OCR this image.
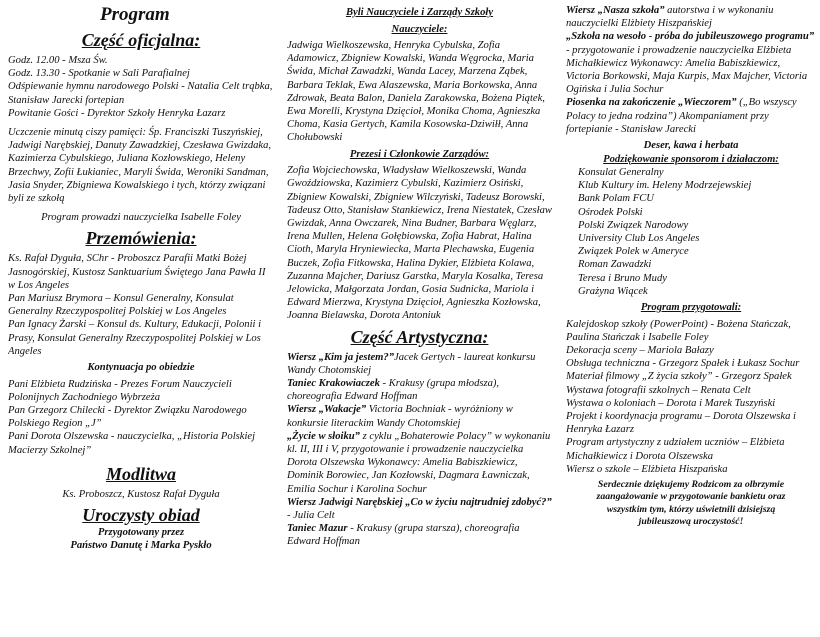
Program
Część oficjalna:

Godz. 12.00 - Msza Św.

Godz. 13.30 - Spotkanie w Sali Parafialnej

Odśpiewanie hymnu narodowego Polski - Natalia Celt trąbka, Stanisław Jarecki fortepian

Powitanie Gości - Dyrektor Szkoły Henryka Łazarz

Uczczenie minutą ciszy pamięci: Śp. Franciszki Tuszyńskiej, Jadwigi Narębskiej, Danuty Zawadzkiej, Czesława Gwizdaka, Kazimierza Cybulskiego, Juliana Kozłowskiego, Heleny Brzechwy, Zofii Łukianiec, Maryli Świda, Weroniki Sandman, Jasia Snyder, Zbigniewa Kowalskiego i tych, którzy związani byli ze szkołą

Program prowadzi nauczycielka Isabelle Foley

Przemówienia:

Ks. Rafał Dyguła, SChr - Proboszcz Parafii Matki Bożej Jasnogórskiej, Kustosz Sanktuarium Świętego Jana Pawła II w Los Angeles

Pan Mariusz Brymora – Konsul Generalny, Konsulat Generalny Rzeczypospolitej Polskiej w Los Angeles

Pan Ignacy Żarski – Konsul ds. Kultury, Edukacji, Polonii i Prasy, Konsulat Generalny Rzeczypospolitej Polskiej w Los Angeles

Kontynuacja po obiedzie

Pani Elżbieta Rudzińska - Prezes Forum Nauczycieli Polonijnych Zachodniego Wybrzeża

Pan Grzegorz Chilecki - Dyrektor Związku Narodowego Polskiego Region „J”

Pani Dorota Olszewska - nauczycielka, „Historia Polskiej Macierzy Szkolnej”

Modlitwa

Ks. Proboszcz, Kustosz Rafał Dyguła

Uroczysty obiad
Przygotowany przez
Państwo Danutę i Marka Pyskło
Byli Nauczyciele i Zarządy Szkoły
Nauczyciele:

Jadwiga Wielkoszewska, Henryka Cybulska, Zofia Adamowicz, Zbigniew Kowalski, Wanda Węgrocka, Maria Świda, Michał Zawadzki, Wanda Lacey, Marzena Ząbek, Barbara Teklak, Ewa Alaszewska, Maria Borkowska, Anna Zdrowak, Beata Balon, Daniela Zarakowska, Bożena Piątek, Ewa Morelli, Krystyna Dzięcioł, Monika Choma, Agnieszka Choma, Kasia Gertych, Kamila Kosowska-Dziwiłł, Anna Chołubowski

Prezesi i Członkowie Zarządów:

Zofia Wojciechowska, Władysław Wielkoszewski, Wanda Gwoździowska, Kazimierz Cybulski, Kazimierz Osiński, Zbigniew Kowalski, Zbigniew Wilczyński, Tadeusz Borowski, Tadeusz Otto, Stanisław Stankiewicz, Irena Niestatek, Czesław Gwizdak, Anna Owczarek, Nina Budner, Barbara Węglarz, Irena Mullen, Helena Gołębiowska, Zofia Habrat, Halina Cioth, Maryla Hryniewiecka, Marta Plechawska, Eugenia Buczek, Zofia Fitkowska, Halina Dykier, Elżbieta Kolawa, Zuzanna Majcher, Dariusz Garstka, Maryla Kosalka, Teresa Jelowicka, Małgorzata Jordan, Gosia Sudnicka, Mariola i Edward Mierzwa, Krystyna Dzięcioł, Agnieszka Kozłowska, Joanna Bielawska, Dorota Antoniuk

Część Artystyczna:

Wiersz „Kim ja jestem?”Jacek Gertych - laureat konkursu Wandy Chotomskiej

Taniec Krakowiaczek - Krakusy (grupa młodsza), choreografia Edward Hoffman

Wiersz „Wakacje” Victoria Bochniak - wyróżniony w konkursie literackim Wandy Chotomskiej

„Życie w słoiku” z cyklu „Bohaterowie Polacy” w wykonaniu kl. II, III i V, przygotowanie i prowadzenie nauczycielka Dorota Olszewska Wykonawcy: Amelia Babiszkiewicz, Dominik Borowiec, Jan Kozłowski, Dagmara Ławniczak, Emilia Sochur i Karolina Sochur

Wiersz Jadwigi Narębskiej „Co w życiu najtrudniej zdobyć?” - Julia Celt

Taniec Mazur - Krakusy (grupa starsza), choreografia Edward Hoffman

Wiersz „Nasza szkoła” autorstwa i w wykonaniu nauczycielki Elżbiety Hiszpańskiej

„Szkoła na wesoło - próba do jubileuszowego programu” - przygotowanie i prowadzenie nauczycielka Elżbieta Michałkiewicz Wykonawcy: Amelia Babiszkiewicz, Victoria Borkowski, Maja Kurpis, Max Majcher, Victoria Ogińska i Julia Sochur

Piosenka na zakończenie „Wieczorem” („Bo wszyscy Polacy to jedna rodzina”) Akompaniament przy fortepianie - Stanisław Jarecki

Deser, kawa i herbata
Podziękowanie sponsorom i działaczom:
Konsulat Generalny
Klub Kultury im. Heleny Modrzejewskiej
Bank Polam FCU
Ośrodek Polski
Polski Związek Narodowy
University Club Los Angeles
Związek Polek w Ameryce
Roman Zawadzki
Teresa i Bruno Mudy
Grażyna Wiącek
Program przygotowali:

Kalejdoskop szkoły (PowerPoint) - Bożena Stańczak, Paulina Stańczak i Isabelle Foley

Dekoracja sceny – Mariola Bałazy

Obsługa techniczna - Grzegorz Spałek i Łukasz Sochur

Materiał filmowy „Z życia szkoły” - Grzegorz Spałek

Wystawa fotografii szkolnych – Renata Celt

Wystawa o koloniach – Dorota i Marek Tuszyński

Projekt i koordynacja programu – Dorota Olszewska i Henryka Łazarz

Program artystyczny z udziałem uczniów – Elżbieta Michałkiewicz i Dorota Olszewska

Wiersz o szkole – Elżbieta Hiszpańska

Serdecznie dziękujemy Rodzicom za olbrzymie zaangażowanie w przygotowanie bankietu oraz wszystkim tym, którzy uświetnili dzisiejszą jubileuszową uroczystość!
